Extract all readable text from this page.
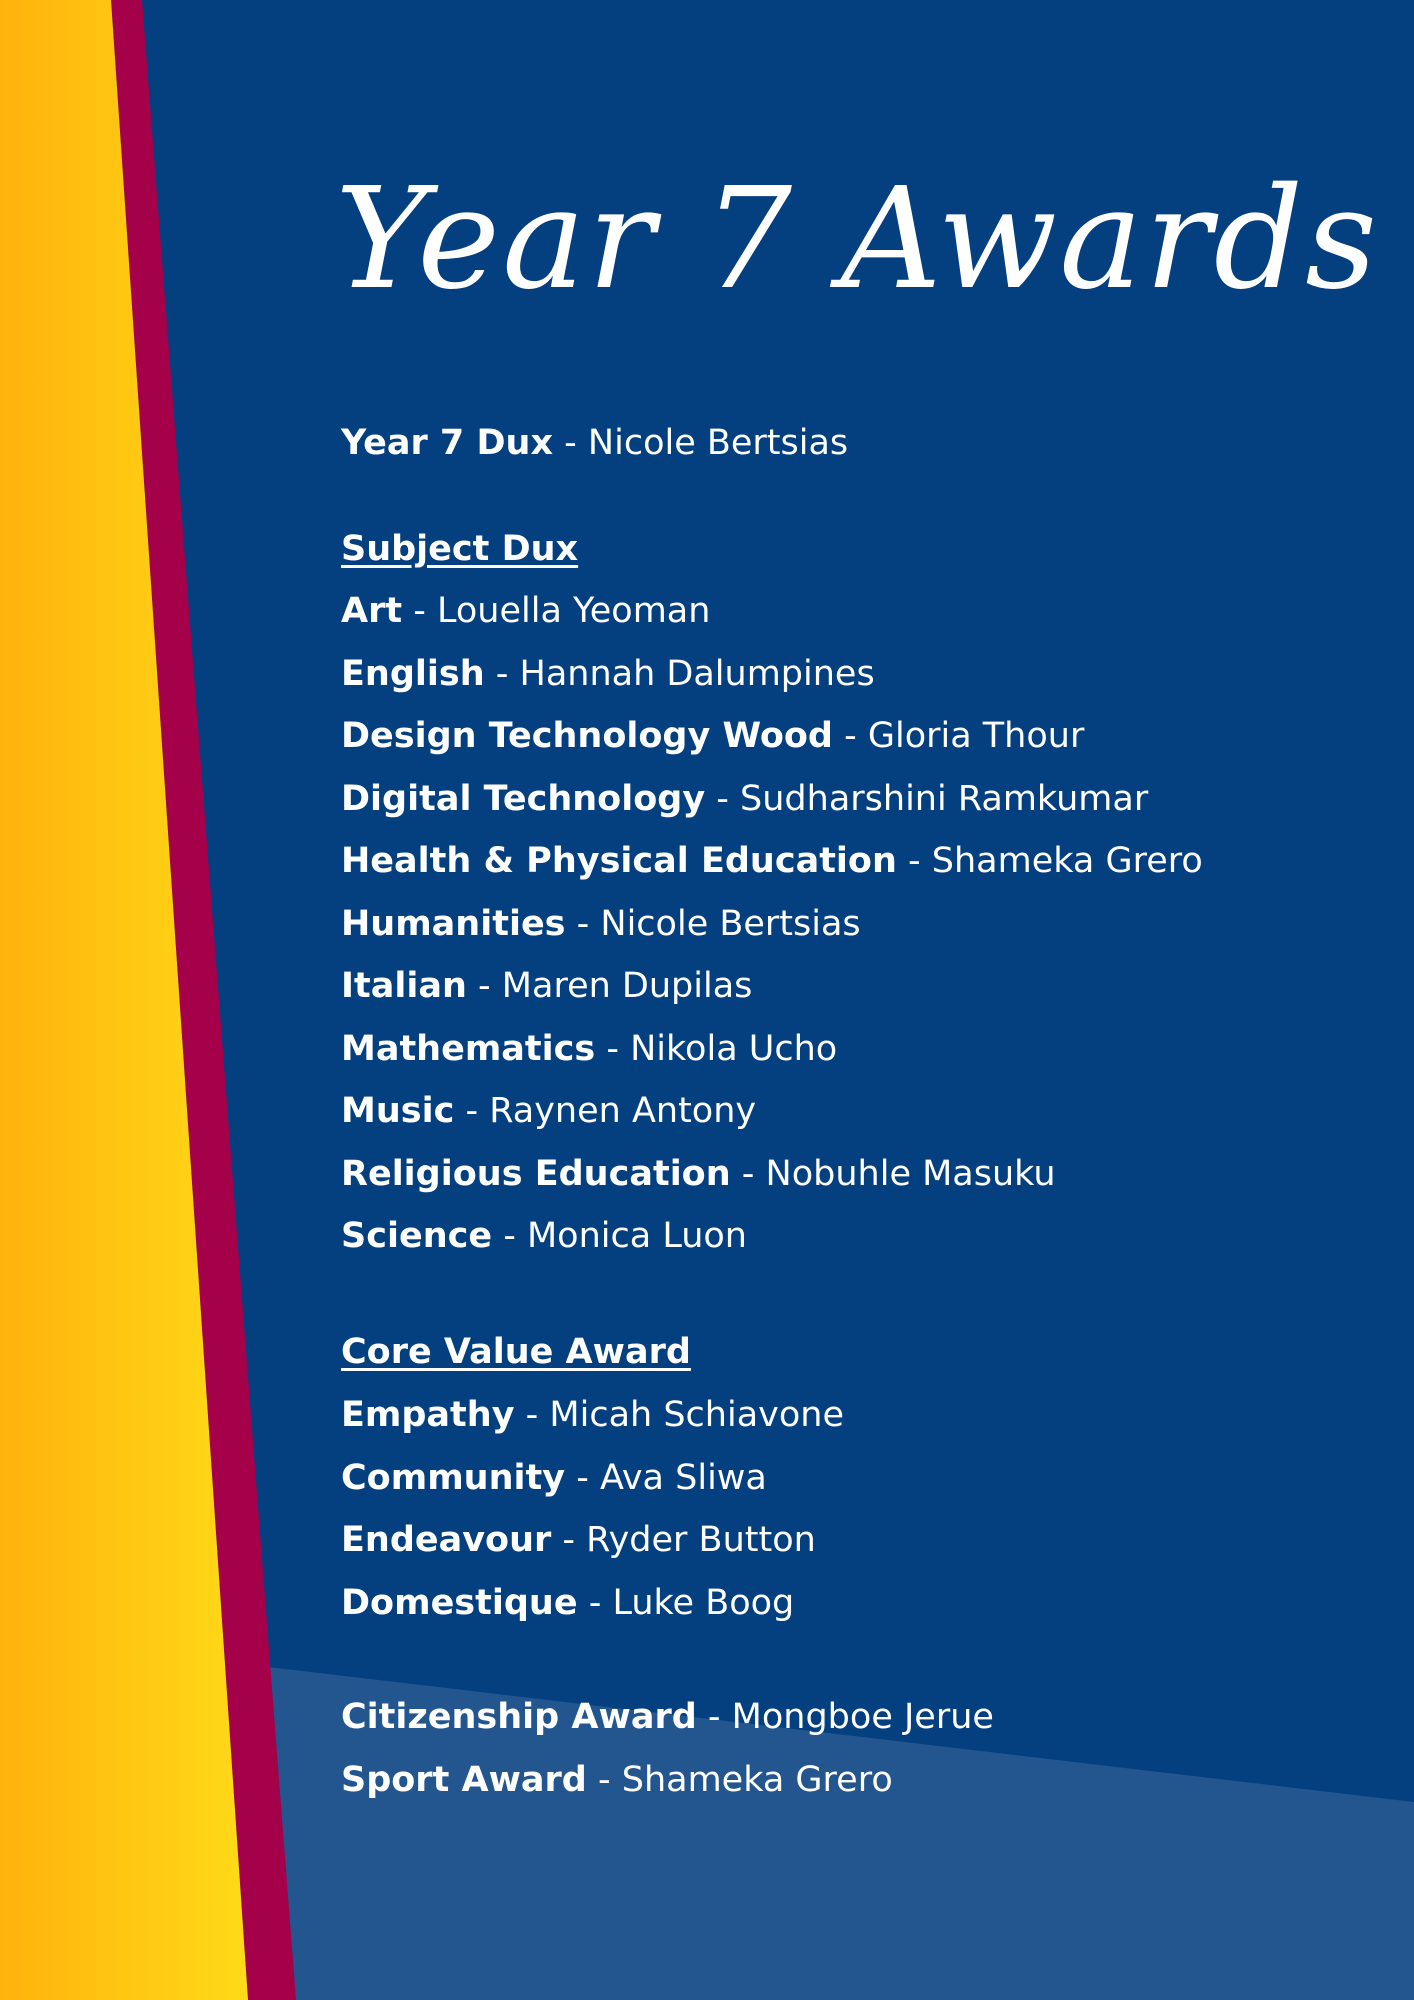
Year 7 Awards
Year 7 Dux - Nicole Bertsias
Subject Dux
Art - Louella Yeoman
English - Hannah Dalumpines
Design Technology Wood - Gloria Thour
Digital Technology - Sudharshini Ramkumar
Health & Physical Education - Shameka Grero
Humanities - Nicole Bertsias
Italian - Maren Dupilas
Mathematics - Nikola Ucho
Music - Raynen Antony
Religious Education - Nobuhle Masuku
Science - Monica Luon
Core Value Award
Empathy - Micah Schiavone
Community - Ava Sliwa
Endeavour - Ryder Button
Domestique - Luke Boog
Citizenship Award - Mongboe Jerue
Sport Award - Shameka Grero
